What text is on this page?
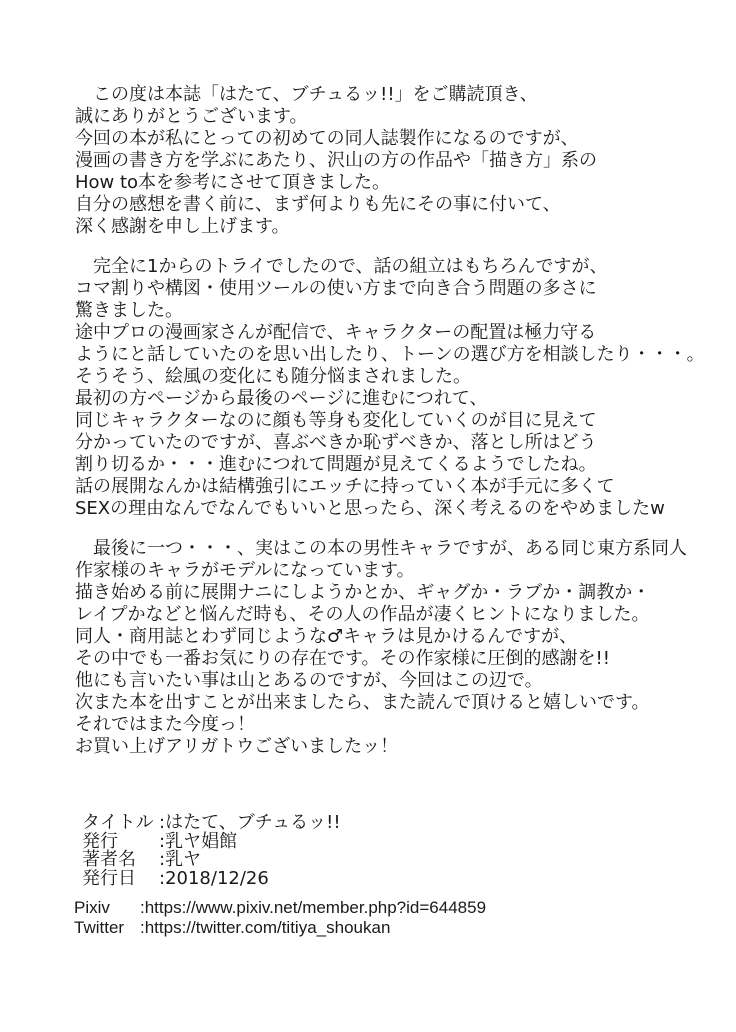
　この度は本誌「はたて、ブチュるッ!!」をご購読頂き、
誠にありがとうございます。
今回の本が私にとっての初めての同人誌製作になるのですが、
漫画の書き方を学ぶにあたり、沢山の方の作品や「描き方」系の
How to本を参考にさせて頂きました。
自分の感想を書く前に、まず何よりも先にその事に付いて、
深く感謝を申し上げます。
　完全に1からのトライでしたので、話の組立はもちろんですが、
コマ割りや構図・使用ツールの使い方まで向き合う問題の多さに
驚きました。
途中プロの漫画家さんが配信で、キャラクターの配置は極力守る
ようにと話していたのを思い出したり、トーンの選び方を相談したり・・・。
そうそう、絵風の変化にも随分悩まされました。
最初の方ページから最後のページに進むにつれて、
同じキャラクターなのに顔も等身も変化していくのが目に見えて
分かっていたのですが、喜ぶべきか恥ずべきか、落とし所はどう
割り切るか・・・進むにつれて問題が見えてくるようでしたね。
話の展開なんかは結構強引にエッチに持っていく本が手元に多くて
SEXの理由なんでなんでもいいと思ったら、深く考えるのをやめましたw
　最後に一つ・・・、実はこの本の男性キャラですが、ある同じ東方系同人
作家様のキャラがモデルになっています。
描き始める前に展開ナニにしようかとか、ギャグか・ラブか・調教か・
レイプかなどと悩んだ時も、その人の作品が凄くヒントになりました。
同人・商用誌とわず同じような♂キャラは見かけるんですが、
その中でも一番お気にりの存在です。その作家様に圧倒的感謝を!!
他にも言いたい事は山とあるのですが、今回はこの辺で。
次また本を出すことが出来ましたら、また読んで頂けると嬉しいです。
それではまた今度っ！
お買い上げアリガトウございましたッ！
タイトル :はたて、ブチュるッ!!
発行	:乳ヤ娼館
著者名	:乳ヤ
発行日	:2018/12/26
Pixiv	:https://www.pixiv.net/member.php?id=644859
Twitter :https://twitter.com/titiya_shoukan
